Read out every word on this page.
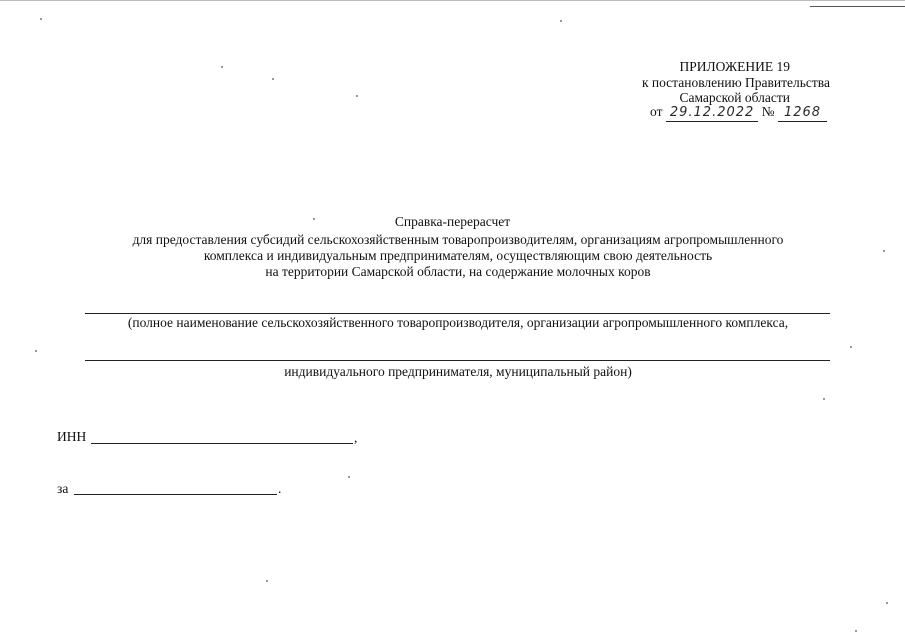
ПРИЛОЖЕНИЕ 19
к постановлению Правительства
Самарской области
от 29.12.2022 № 1268
Справка-перерасчет
для предоставления субсидий сельскохозяйственным товаропроизводителям, организациям агропромышленного
комплекса и индивидуальным предпринимателям, осуществляющим свою деятельность
на территории Самарской области, на содержание молочных коров
(полное наименование сельскохозяйственного товаропроизводителя, организации агропромышленного комплекса,
индивидуального предпринимателя, муниципальный район)
ИНН	,
за	.
